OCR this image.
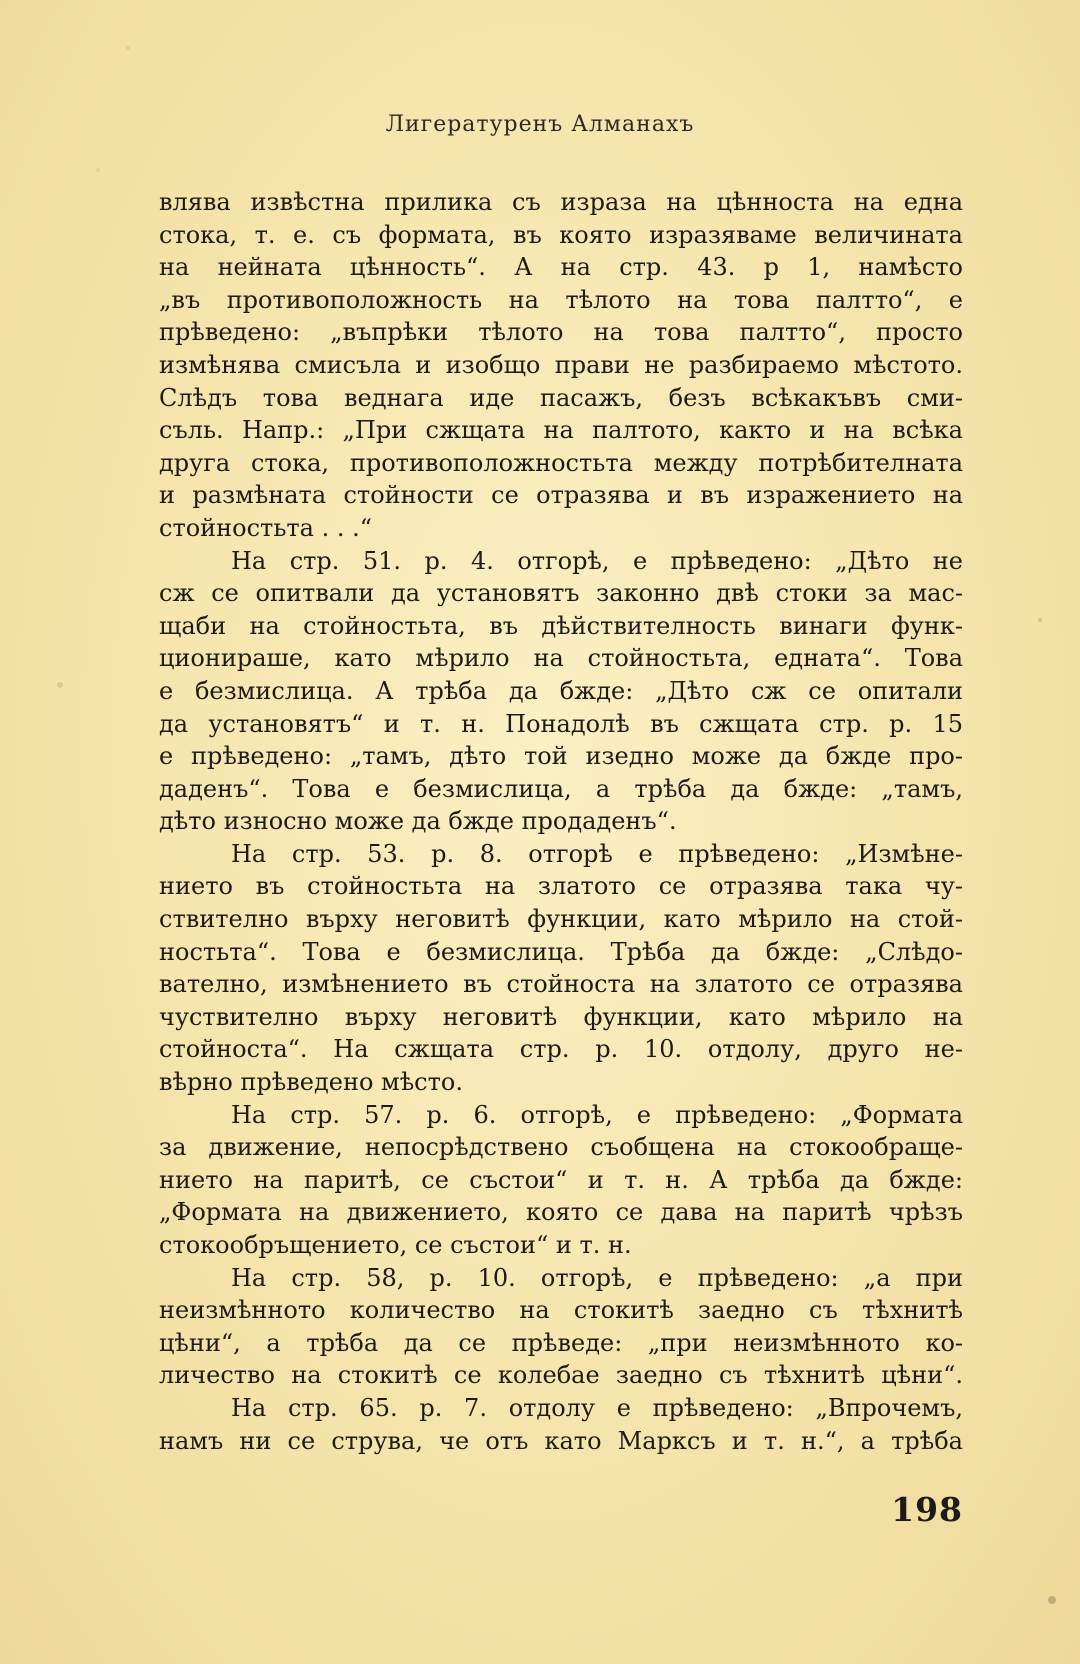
Лигературенъ Алманахъ
влява извѣстна прилика съ израза на цѣнноста на една
стока, т. е. съ формата, въ която изразяваме величината
на нейната цѣнность“. А на стр. 43. р 1, намѣсто
„въ противоположность на тѣлото на това палтто“, е
прѣведено: „въпрѣки тѣлото на това палтто“, просто
измѣнява смисъла и изобщо прави не разбираемо мѣстото.
Слѣдъ това веднага иде пасажъ, безъ всѣкакъвъ сми-
съль. Напр.: „При сжщата на палтото, както и на всѣка
друга стока, противоположностьта между потрѣбителната
и размѣната стойности се отразява и въ изражението на
стойностьта . . .“
На стр. 51. р. 4. отгорѣ, е прѣведено: „Дѣто не
сж се опитвали да установятъ законно двѣ стоки за мас-
щаби на стойностьта, въ дѣйствителность винаги функ-
ционираше, като мѣрило на стойностьта, едната“. Това
е безмислица. А трѣба да бжде: „Дѣто сж се опитали
да установятъ“ и т. н. Понадолѣ въ сжщата стр. р. 15
е прѣведено: „тамъ, дѣто той изедно може да бжде про-
даденъ“. Това е безмислица, а трѣба да бжде: „тамъ,
дѣто износно може да бжде продаденъ“.
На стр. 53. р. 8. отгорѣ е прѣведено: „Измѣне-
нието въ стойностьта на златото се отразява така чу-
ствително върху неговитѣ функции, като мѣрило на стой-
ностьта“. Това е безмислица. Трѣба да бжде: „Слѣдо-
вателно, измѣнението въ стойноста на златото се отразява
чуствително върху неговитѣ функции, като мѣрило на
стойноста“. На сжщата стр. р. 10. отдолу, друго не-
вѣрно прѣведено мѣсто.
На стр. 57. р. 6. отгорѣ, е прѣведено: „Формата
за движение, непосрѣдствено съобщена на стокообраще-
нието на паритѣ, се състои“ и т. н. А трѣба да бжде:
„Формата на движението, която се дава на паритѣ чрѣзъ
стокообръщението, се състои“ и т. н.
На стр. 58, р. 10. отгорѣ, е прѣведено: „а при
неизмѣнното количество на стокитѣ заедно съ тѣхнитѣ
цѣни“, а трѣба да се прѣведе: „при неизмѣнното ко-
личество на стокитѣ се колебае заедно съ тѣхнитѣ цѣни“.
На стр. 65. р. 7. отдолу е прѣведено: „Впрочемъ,
намъ ни се струва, че отъ като Марксъ и т. н.“, а трѣба
198
